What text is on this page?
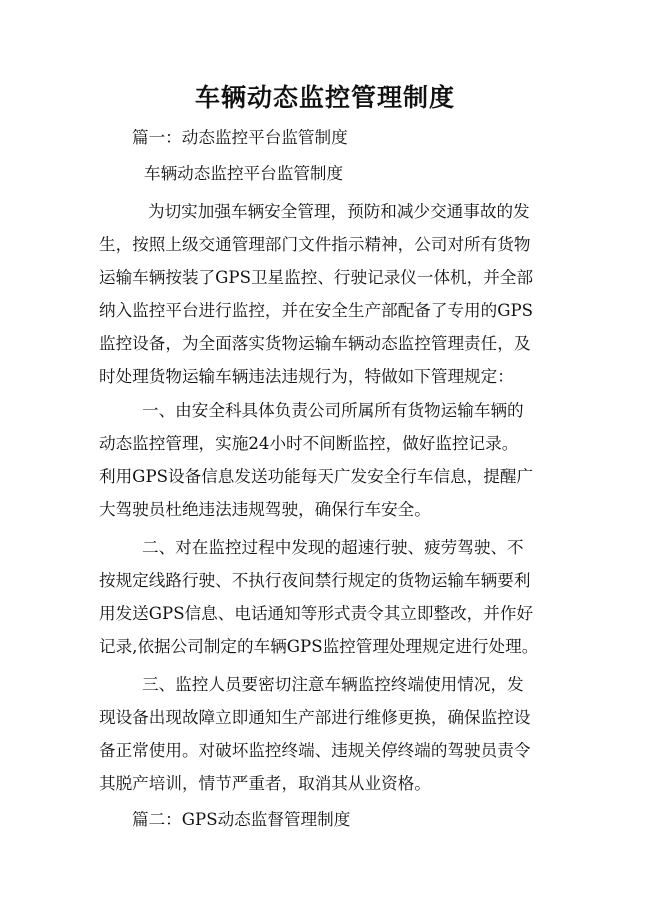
车辆动态监控管理制度
篇一：动态监控平台监管制度
车辆动态监控平台监管制度
为切实加强车辆安全管理，预防和减少交通事故的发
生，按照上级交通管理部门文件指示精神，公司对所有货物
运输车辆按装了GPS卫星监控、行驶记录仪一体机，并全部
纳入监控平台进行监控，并在安全生产部配备了专用的GPS
监控设备，为全面落实货物运输车辆动态监控管理责任，及
时处理货物运输车辆违法违规行为，特做如下管理规定：
一、由安全科具体负责公司所属所有货物运输车辆的
动态监控管理，实施24小时不间断监控，做好监控记录。
利用GPS设备信息发送功能每天广发安全行车信息，提醒广
大驾驶员杜绝违法违规驾驶，确保行车安全。
二、对在监控过程中发现的超速行驶、疲劳驾驶、不
按规定线路行驶、不执行夜间禁行规定的货物运输车辆要利
用发送GPS信息、电话通知等形式责令其立即整改，并作好
记录,依据公司制定的车辆GPS监控管理处理规定进行处理。
三、监控人员要密切注意车辆监控终端使用情况，发
现设备出现故障立即通知生产部进行维修更换，确保监控设
备正常使用。对破坏监控终端、违规关停终端的驾驶员责令
其脱产培训，情节严重者，取消其从业资格。
篇二：GPS动态监督管理制度
